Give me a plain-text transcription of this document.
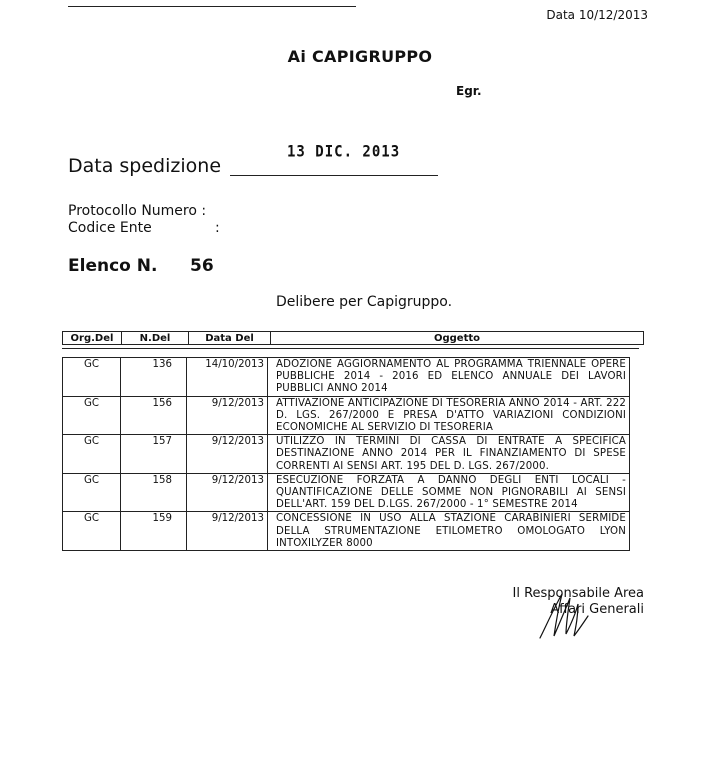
Data 10/12/2013
Ai CAPIGRUPPO
Egr.
13 DIC. 2013
Data spedizione
Protocollo Numero :
Codice Ente	:
Elenco N. 56
Delibere per Capigruppo.
Org.Del	N.Del	Data Del	Oggetto
GC	136	14/10/2013	ADOZIONE AGGIORNAMENTO AL PROGRAMMA TRIENNALE OPERE PUBBLICHE 2014 - 2016 ED ELENCO ANNUALE DEI LAVORI PUBBLICI ANNO 2014

GC	156	9/12/2013	ATTIVAZIONE ANTICIPAZIONE DI TESORERIA ANNO 2014 - ART. 222 D. LGS. 267/2000 E PRESA D'ATTO VARIAZIONI CONDIZIONI ECONOMICHE AL SERVIZIO DI TESORERIA

GC	157	9/12/2013	UTILIZZO IN TERMINI DI CASSA DI ENTRATE A SPECIFICA DESTINAZIONE ANNO 2014 PER IL FINANZIAMENTO DI SPESE CORRENTI AI SENSI ART. 195 DEL D. LGS. 267/2000.

GC	158	9/12/2013	ESECUZIONE FORZATA A DANNO DEGLI ENTI LOCALI - QUANTIFICAZIONE DELLE SOMME NON PIGNORABILI AI SENSI DELL'ART. 159 DEL D.LGS. 267/2000 - 1° SEMESTRE 2014

GC	159	9/12/2013	CONCESSIONE IN USO ALLA STAZIONE CARABINIERI SERMIDE DELLA STRUMENTAZIONE ETILOMETRO OMOLOGATO LYON INTOXILYZER 8000
Il Responsabile Area
Affari Generali
